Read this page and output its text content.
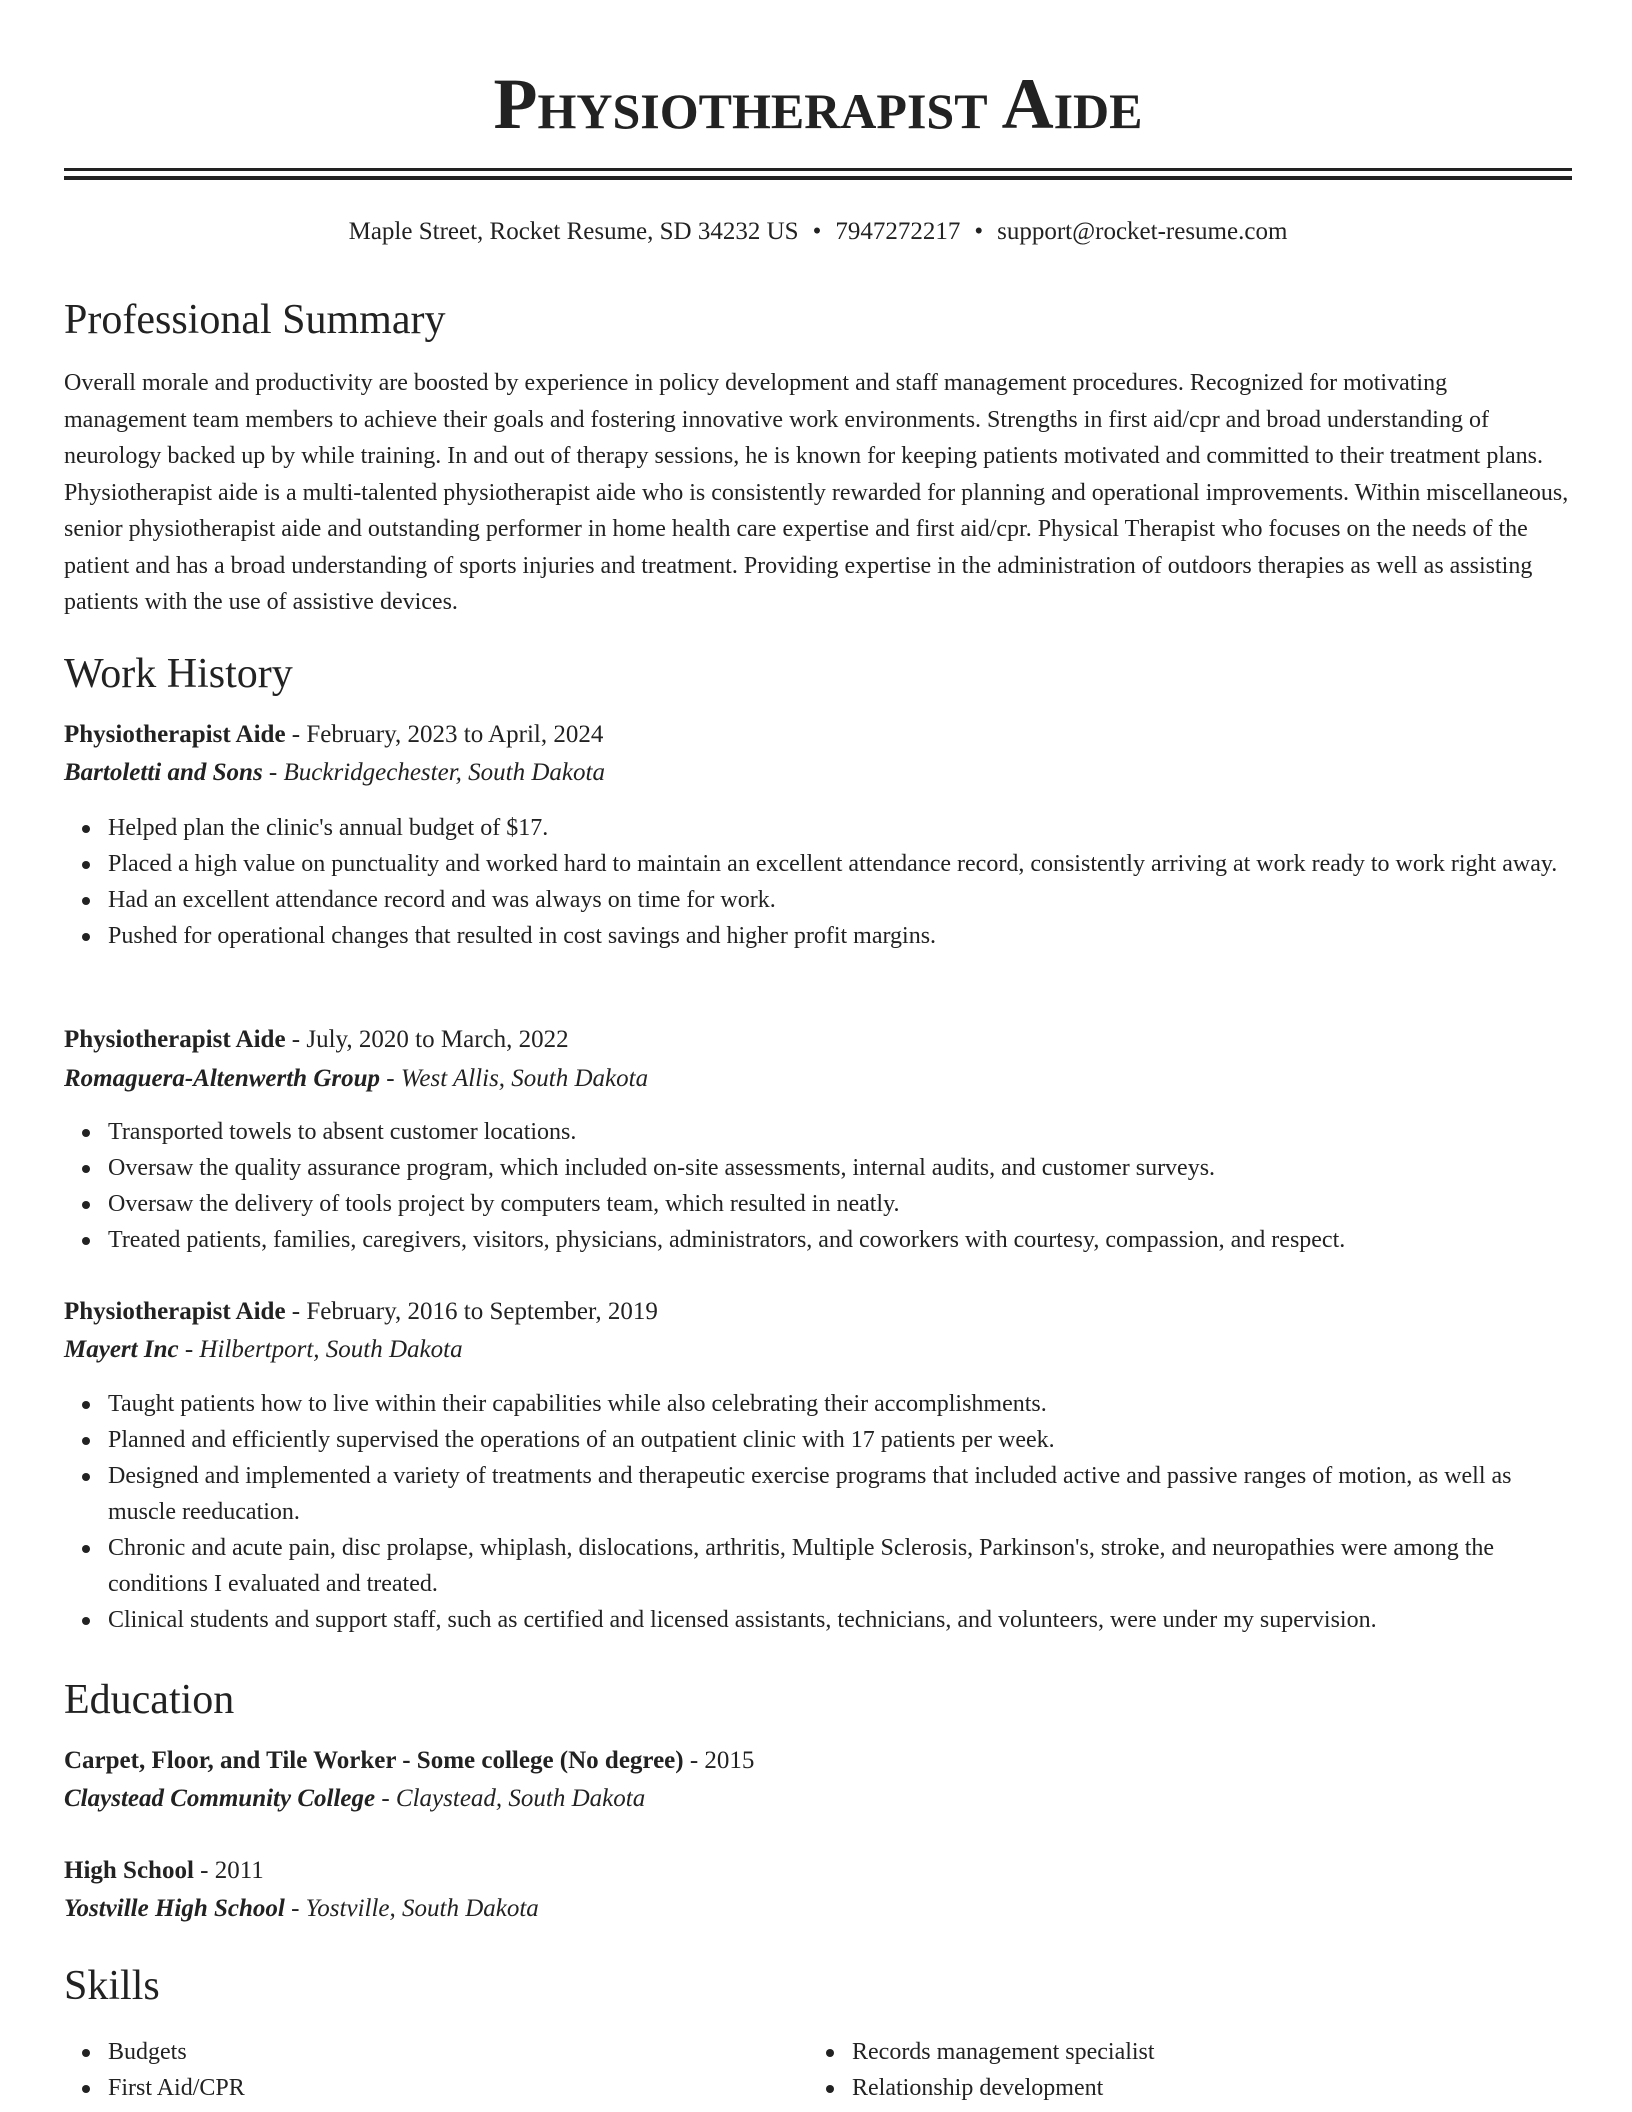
Physiotherapist Aide
Maple Street, Rocket Resume, SD 34232 US • 7947272217 • support@rocket-resume.com
Professional Summary
Overall morale and productivity are boosted by experience in policy development and staff management procedures. Recognized for motivating management team members to achieve their goals and fostering innovative work environments. Strengths in first aid/cpr and broad understanding of neurology backed up by while training. In and out of therapy sessions, he is known for keeping patients motivated and committed to their treatment plans. Physiotherapist aide is a multi-talented physiotherapist aide who is consistently rewarded for planning and operational improvements. Within miscellaneous, senior physiotherapist aide and outstanding performer in home health care expertise and first aid/cpr. Physical Therapist who focuses on the needs of the patient and has a broad understanding of sports injuries and treatment. Providing expertise in the administration of outdoors therapies as well as assisting patients with the use of assistive devices.
Work History
Physiotherapist Aide - February, 2023 to April, 2024
Bartoletti and Sons - Buckridgechester, South Dakota
Helped plan the clinic's annual budget of $17.
Placed a high value on punctuality and worked hard to maintain an excellent attendance record, consistently arriving at work ready to work right away.
Had an excellent attendance record and was always on time for work.
Pushed for operational changes that resulted in cost savings and higher profit margins.
Physiotherapist Aide - July, 2020 to March, 2022
Romaguera-Altenwerth Group - West Allis, South Dakota
Transported towels to absent customer locations.
Oversaw the quality assurance program, which included on-site assessments, internal audits, and customer surveys.
Oversaw the delivery of tools project by computers team, which resulted in neatly.
Treated patients, families, caregivers, visitors, physicians, administrators, and coworkers with courtesy, compassion, and respect.
Physiotherapist Aide - February, 2016 to September, 2019
Mayert Inc - Hilbertport, South Dakota
Taught patients how to live within their capabilities while also celebrating their accomplishments.
Planned and efficiently supervised the operations of an outpatient clinic with 17 patients per week.
Designed and implemented a variety of treatments and therapeutic exercise programs that included active and passive ranges of motion, as well as muscle reeducation.
Chronic and acute pain, disc prolapse, whiplash, dislocations, arthritis, Multiple Sclerosis, Parkinson's, stroke, and neuropathies were among the conditions I evaluated and treated.
Clinical students and support staff, such as certified and licensed assistants, technicians, and volunteers, were under my supervision.
Education
Carpet, Floor, and Tile Worker - Some college (No degree) - 2015
Claystead Community College - Claystead, South Dakota
High School - 2011
Yostville High School - Yostville, South Dakota
Skills
Budgets
First Aid/CPR
Records management specialist
Relationship development
